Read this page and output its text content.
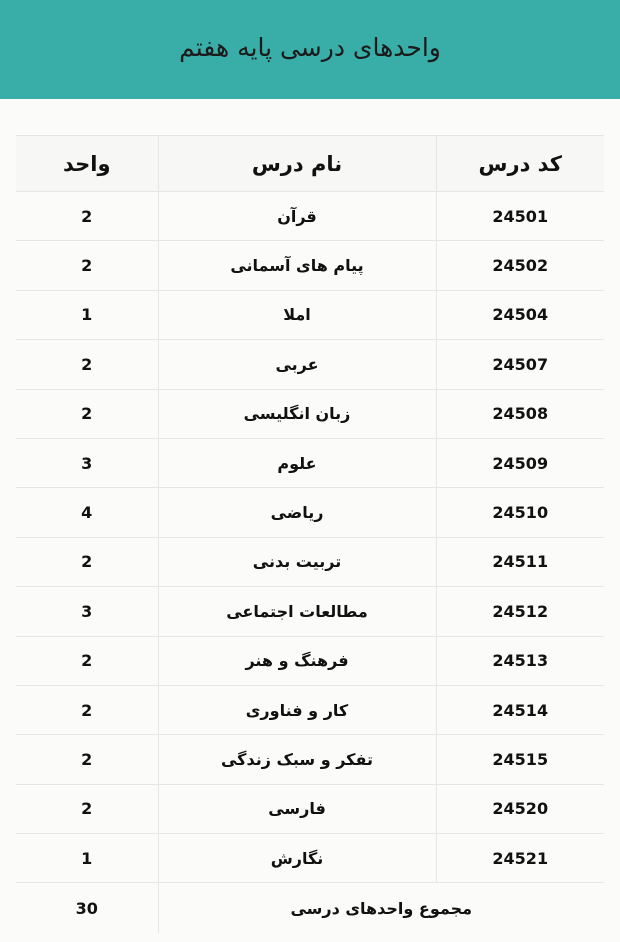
واحدهای درسی پایه هفتم
کد درس	نام درس	واحد
24501	قرآن	2
24502	پیام های آسمانی	2
24504	املا	1
24507	عربی	2
24508	زبان انگلیسی	2
24509	علوم	3
24510	ریاضی	4
24511	تربیت بدنی	2
24512	مطالعات اجتماعی	3
24513	فرهنگ و هنر	2
24514	کار و فناوری	2
24515	تفکر و سبک زندگی	2
24520	فارسی	2
24521	نگارش	1
مجموع واحدهای درسی		30
